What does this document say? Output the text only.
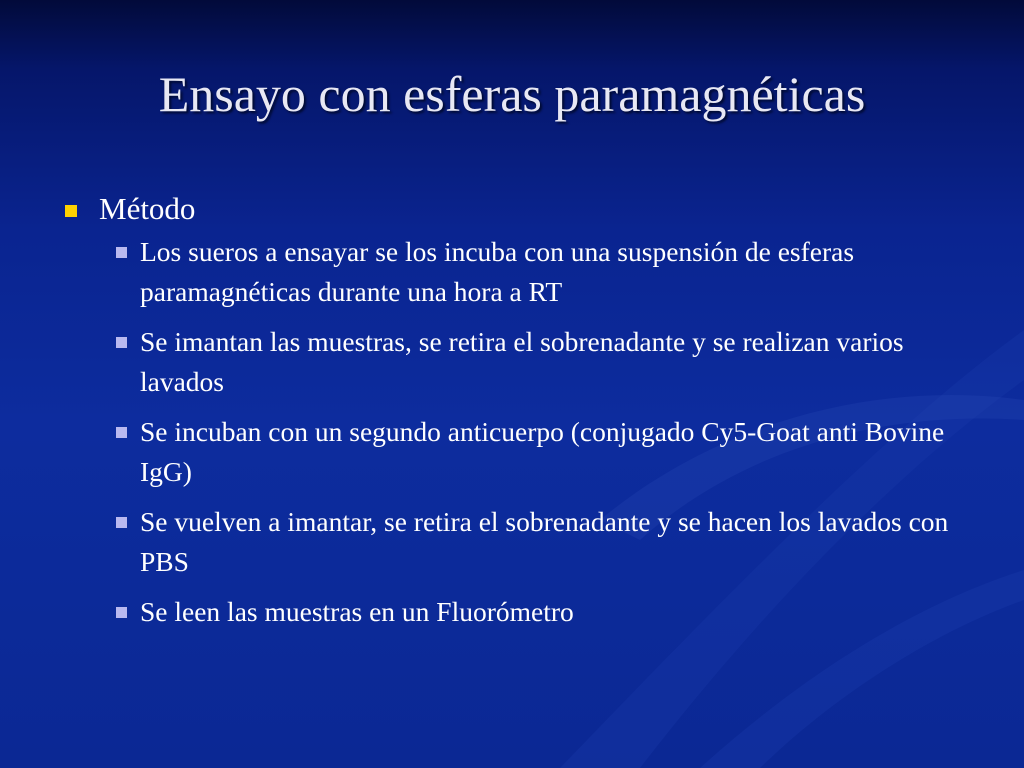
Ensayo con esferas paramagnéticas
Método
Los sueros a ensayar se los incuba con una suspensión de esferas paramagnéticas durante una hora a RT
Se imantan las muestras, se retira el sobrenadante y se realizan varios lavados
Se incuban con un segundo anticuerpo (conjugado Cy5-Goat anti Bovine IgG)
Se vuelven a imantar, se retira el sobrenadante y se hacen los lavados con PBS
Se leen las muestras en un Fluorómetro
